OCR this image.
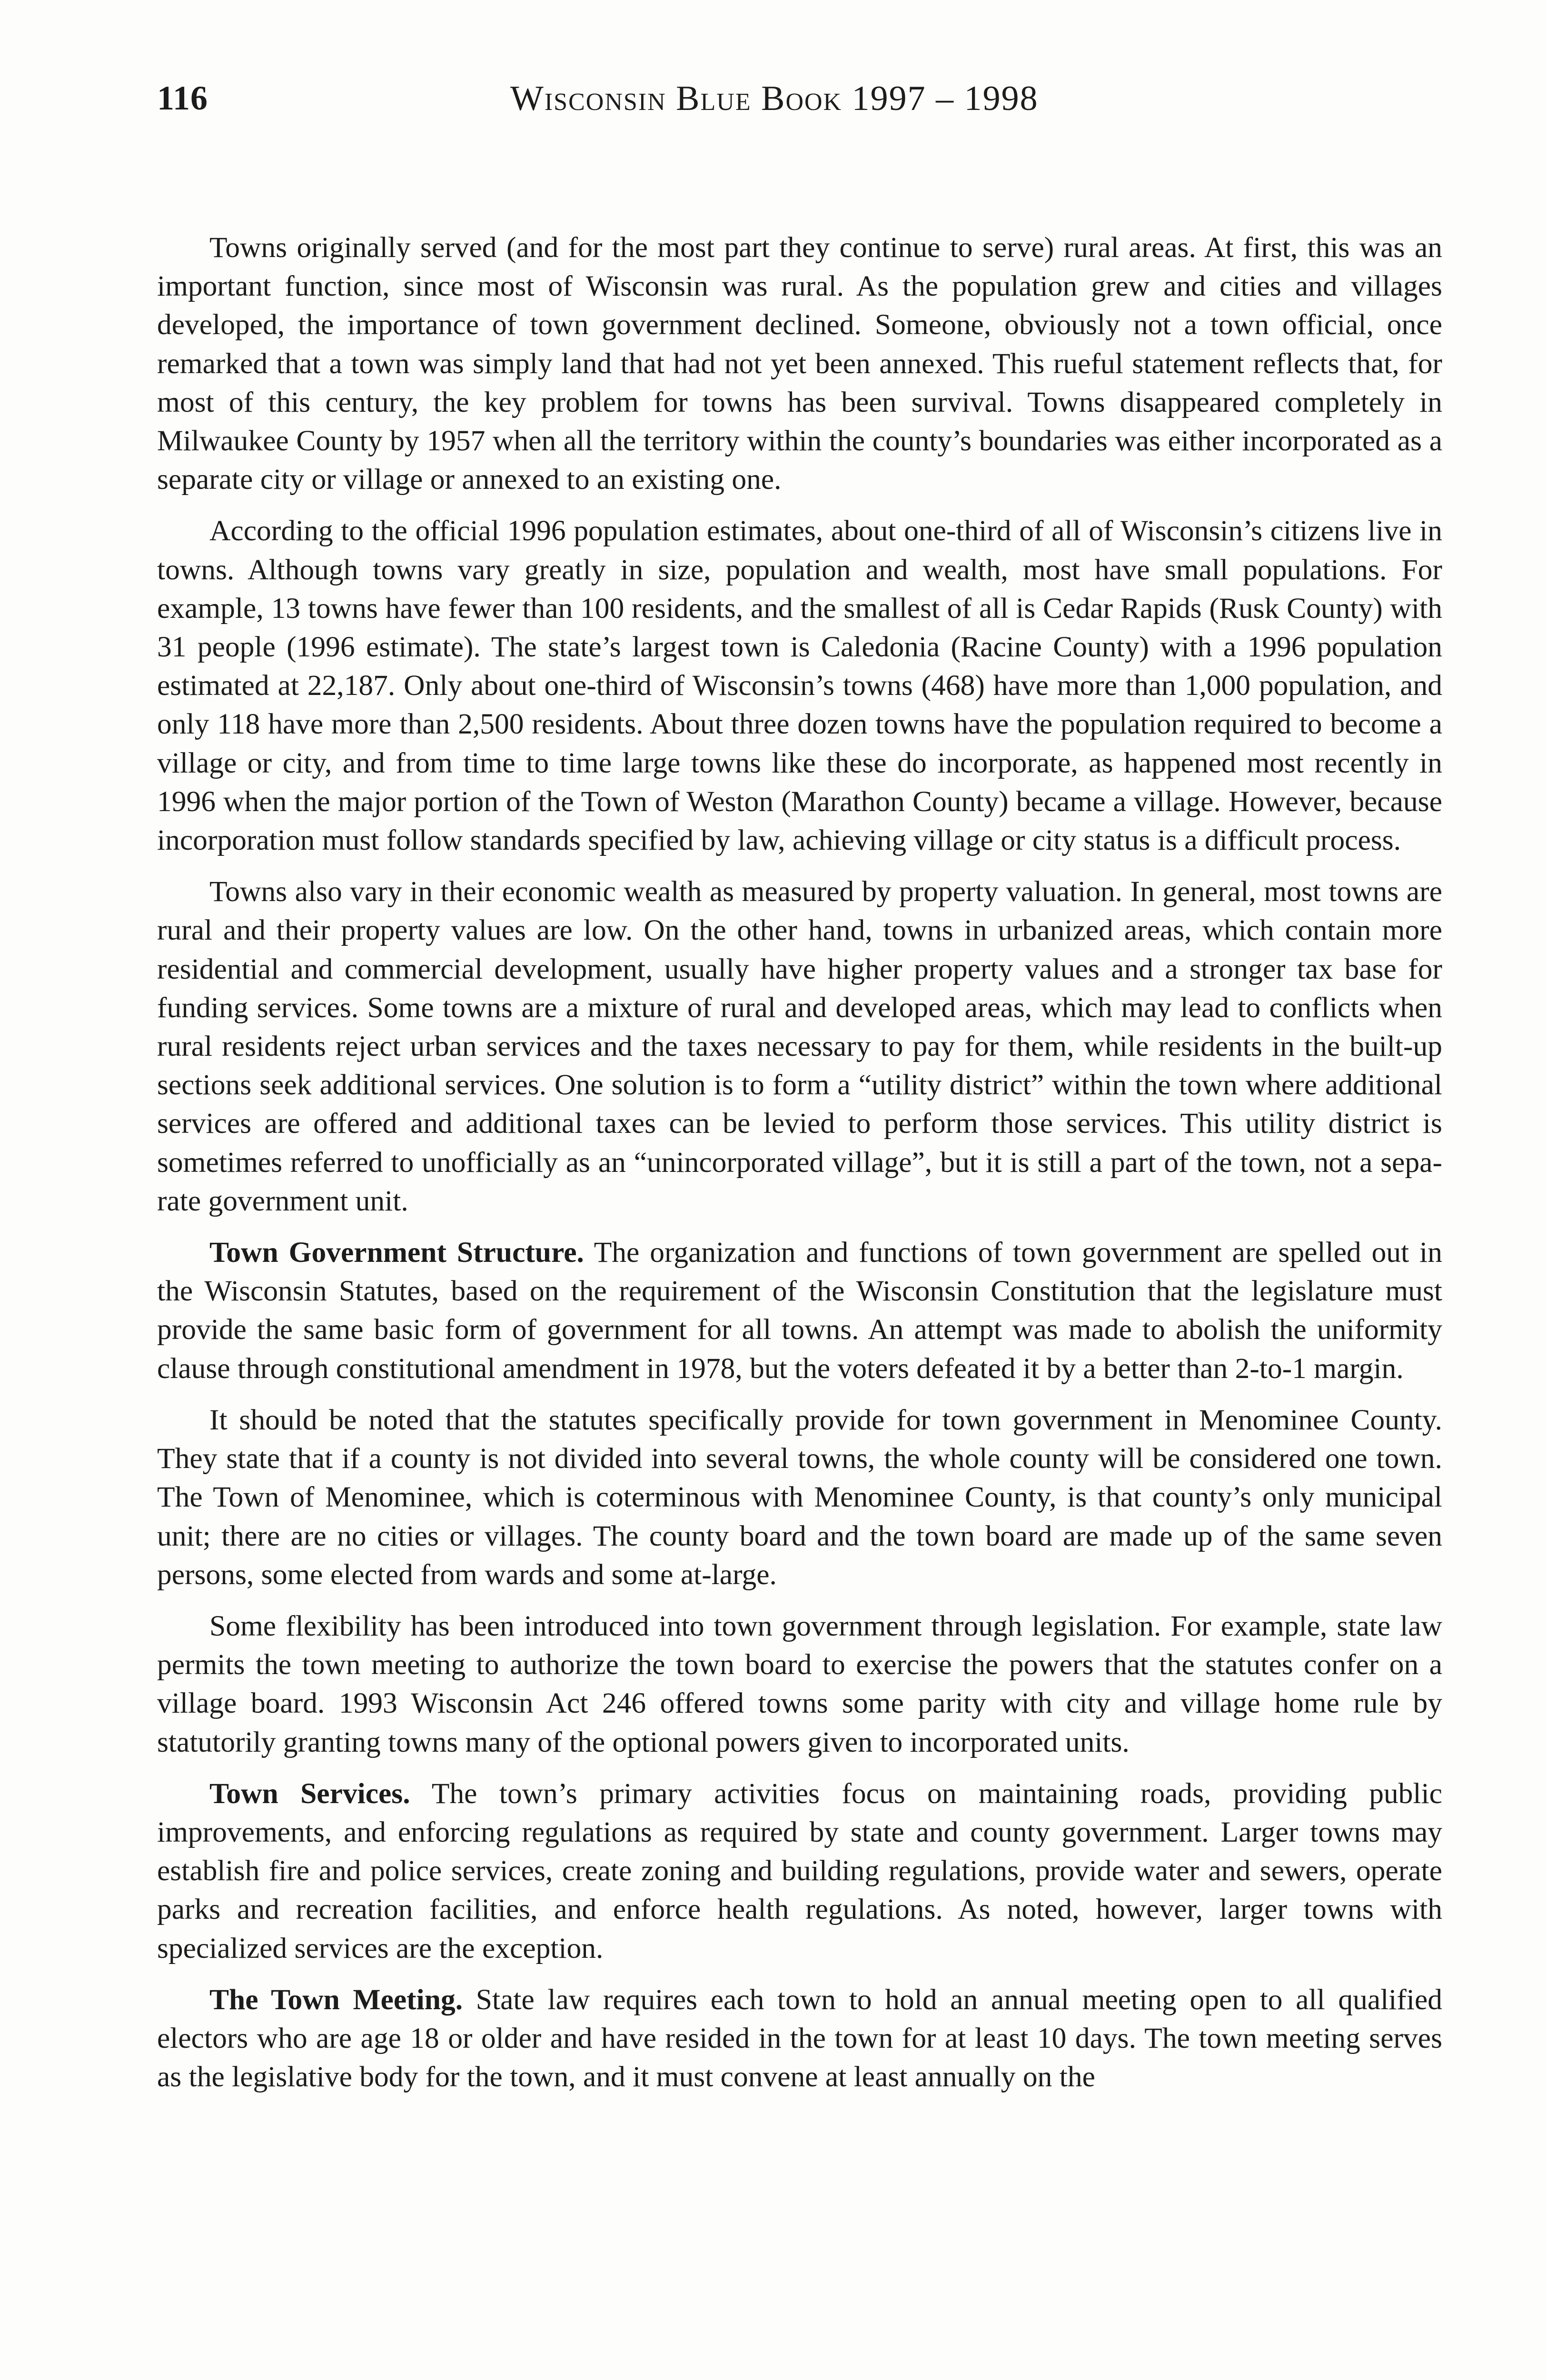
116	Wisconsin Blue Book 1997 – 1998

Towns originally served (and for the most part they continue to serve) rural areas. At first, this was an important function, since most of Wisconsin was rural. As the population grew and cities and villages developed, the importance of town government declined. Someone, obviously not a town official, once remarked that a town was simply land that had not yet been annexed. This rueful statement reflects that, for most of this century, the key problem for towns has been survival. Towns disappeared completely in Milwaukee County by 1957 when all the territory within the county’s boundaries was either incorporated as a separate city or village or annexed to an existing one.

According to the official 1996 population estimates, about one-third of all of Wisconsin’s citizens live in towns. Although towns vary greatly in size, population and wealth, most have small populations. For example, 13 towns have fewer than 100 residents, and the smallest of all is Cedar Rapids (Rusk County) with 31 people (1996 estimate). The state’s largest town is Caledonia (Racine County) with a 1996 population estimated at 22,187. Only about one-third of Wisconsin’s towns (468) have more than 1,000 population, and only 118 have more than 2,500 residents. About three dozen towns have the population required to become a village or city, and from time to time large towns like these do incorporate, as happened most recently in 1996 when the major portion of the Town of Weston (Marathon County) became a village. However, because incorporation must follow standards specified by law, achieving village or city status is a difficult process.

Towns also vary in their economic wealth as measured by property valuation. In general, most towns are rural and their property values are low. On the other hand, towns in urbanized areas, which contain more residential and commercial development, usually have higher property values and a stronger tax base for funding services. Some towns are a mixture of rural and developed areas, which may lead to conflicts when rural residents reject urban services and the taxes necessary to pay for them, while residents in the built-up sections seek additional services. One solution is to form a “utility district” within the town where additional services are offered and additional taxes can be levied to perform those services. This utility district is sometimes referred to unofficially as an “unincorporated village”, but it is still a part of the town, not a separate government unit.

Town Government Structure. The organization and functions of town government are spelled out in the Wisconsin Statutes, based on the requirement of the Wisconsin Constitution that the legislature must provide the same basic form of government for all towns. An attempt was made to abolish the uniformity clause through constitutional amendment in 1978, but the voters defeated it by a better than 2-to-1 margin.

It should be noted that the statutes specifically provide for town government in Menominee County. They state that if a county is not divided into several towns, the whole county will be considered one town. The Town of Menominee, which is coterminous with Menominee County, is that county’s only municipal unit; there are no cities or villages. The county board and the town board are made up of the same seven persons, some elected from wards and some at-large.

Some flexibility has been introduced into town government through legislation. For example, state law permits the town meeting to authorize the town board to exercise the powers that the statutes confer on a village board. 1993 Wisconsin Act 246 offered towns some parity with city and village home rule by statutorily granting towns many of the optional powers given to incorporated units.

Town Services. The town’s primary activities focus on maintaining roads, providing public improvements, and enforcing regulations as required by state and county government. Larger towns may establish fire and police services, create zoning and building regulations, provide water and sewers, operate parks and recreation facilities, and enforce health regulations. As noted, however, larger towns with specialized services are the exception.

The Town Meeting. State law requires each town to hold an annual meeting open to all qualified electors who are age 18 or older and have resided in the town for at least 10 days. The town meeting serves as the legislative body for the town, and it must convene at least annually on the
